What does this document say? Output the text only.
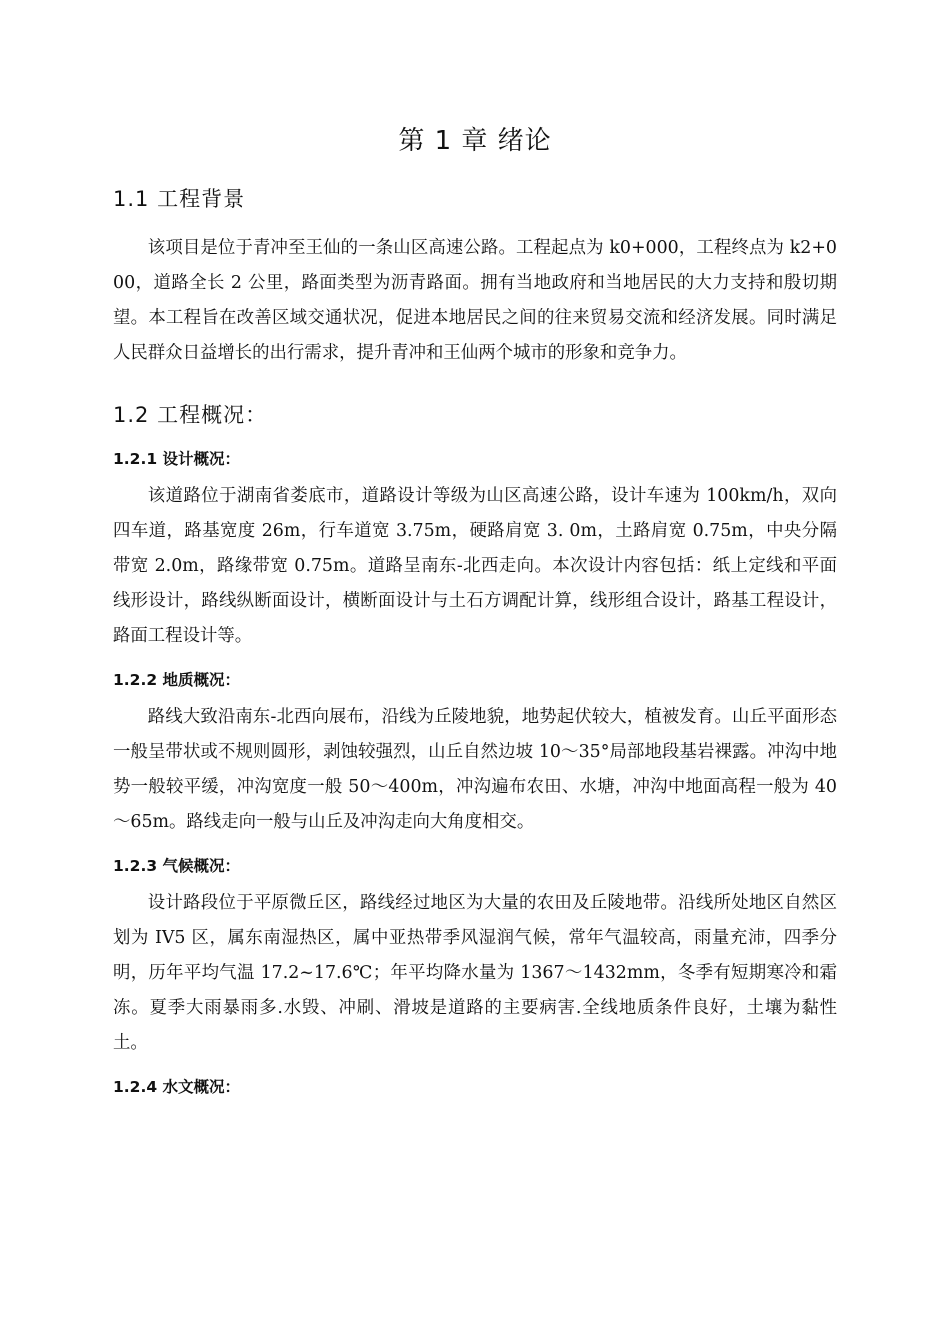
第 1 章 绪论
1.1 工程背景

该项目是位于青冲至王仙的一条山区高速公路。工程起点为 k0+000，工程终点为 k2+000，道路全长 2 公里，路面类型为沥青路面。拥有当地政府和当地居民的大力支持和殷切期望。本工程旨在改善区域交通状况，促进本地居民之间的往来贸易交流和经济发展。同时满足人民群众日益增长的出行需求，提升青冲和王仙两个城市的形象和竞争力。

1.2 工程概况：
1.2.1 设计概况：

该道路位于湖南省娄底市，道路设计等级为山区高速公路，设计车速为 100km/h，双向四车道，路基宽度 26m，行车道宽 3.75m，硬路肩宽 3. 0m，土路肩宽 0.75m，中央分隔带宽 2.0m，路缘带宽 0.75m。道路呈南东-北西走向。本次设计内容包括：纸上定线和平面线形设计，路线纵断面设计，横断面设计与土石方调配计算，线形组合设计，路基工程设计，路面工程设计等。

1.2.2 地质概况：

路线大致沿南东-北西向展布，沿线为丘陵地貌，地势起伏较大，植被发育。山丘平面形态一般呈带状或不规则圆形，剥蚀较强烈，山丘自然边坡 10～35°局部地段基岩裸露。冲沟中地势一般较平缓，冲沟宽度一般 50～400m，冲沟遍布农田、水塘，冲沟中地面高程一般为 40～65m。路线走向一般与山丘及冲沟走向大角度相交。

1.2.3 气候概况：

设计路段位于平原微丘区，路线经过地区为大量的农田及丘陵地带。沿线所处地区自然区划为 IV5 区，属东南湿热区，属中亚热带季风湿润气候，常年气温较高，雨量充沛，四季分明，历年平均气温 17.2~17.6℃；年平均降水量为 1367～1432mm，冬季有短期寒冷和霜冻。夏季大雨暴雨多.水毁、冲刷、滑坡是道路的主要病害.全线地质条件良好，土壤为黏性土。

1.2.4 水文概况：
